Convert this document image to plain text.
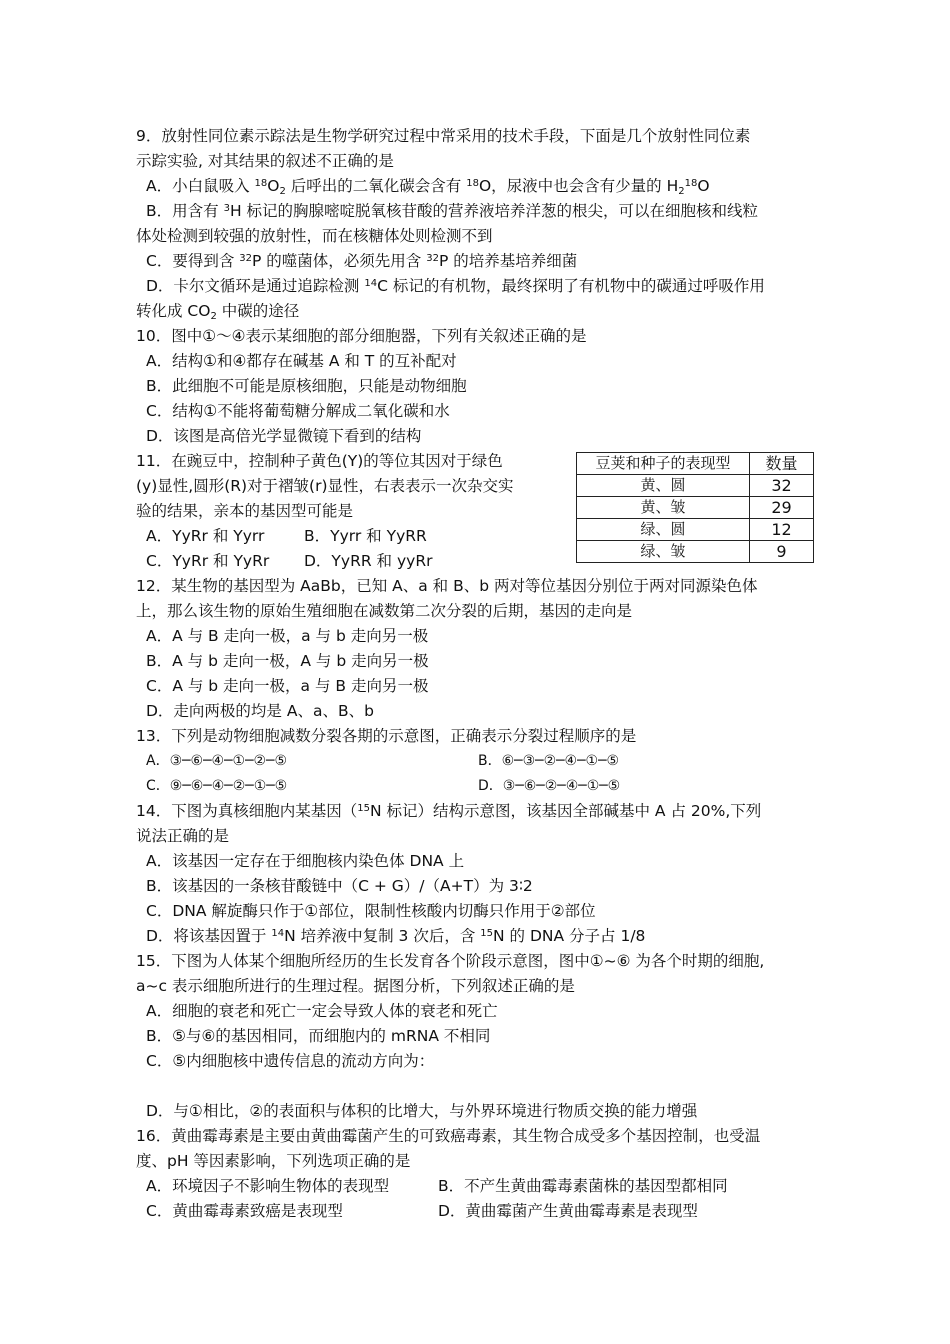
9．放射性同位素示踪法是生物学研究过程中常采用的技术手段，下面是几个放射性同位素
示踪实验, 对其结果的叙述不正确的是
A．小白鼠吸入 $^{18}O_2$ 后呼出的二氧化碳会含有 $^{18}$O，尿液中也会含有少量的 $H_2^{18}O$
B．用含有 $^3$H 标记的胸腺嘧啶脱氧核苷酸的营养液培养洋葱的根尖，可以在细胞核和线粒
体处检测到较强的放射性，而在核糖体处则检测不到
C．要得到含 $^{32}$P 的噬菌体，必须先用含 $^{32}$P 的培养基培养细菌
D．卡尔文循环是通过追踪检测 $^{14}$C 标记的有机物，最终探明了有机物中的碳通过呼吸作用
转化成 $CO_2$ 中碳的途径
10．图中①～④表示某细胞的部分细胞器，下列有关叙述正确的是
A．结构①和④都存在碱基 A 和 T 的互补配对
B．此细胞不可能是原核细胞，只能是动物细胞
C．结构①不能将葡萄糖分解成二氧化碳和水
D．该图是高倍光学显微镜下看到的结构
11．在豌豆中，控制种子黄色(Y)的等位其因对于绿色
(y)显性,圆形(R)对于褶皱(r)显性，右表表示一次杂交实
验的结果，亲本的基因型可能是
A．YyRr 和 Yyrr	B．Yyrr 和 YyRR
C．YyRr 和 YyRr D．YyRR 和 yyRr
豆荚和种子的表现型	数量
黄、圆	32
黄、皱	29
绿、圆	12
绿、皱	9
12．某生物的基因型为 AaBb，已知 A、a 和 B、b 两对等位基因分别位于两对同源染色体
上，那么该生物的原始生殖细胞在减数第二次分裂的后期，基因的走向是
A．A 与 B 走向一极，a 与 b 走向另一极
B．A 与 b 走向一极，A 与 b 走向另一极
C．A 与 b 走向一极，a 与 B 走向另一极
D．走向两极的均是 A、a、B、b
13．下列是动物细胞减数分裂各期的示意图，正确表示分裂过程顺序的是
A．③─⑥─④─①─②─⑤	B．⑥─③─②─④─①─⑤
C．⑨─⑥─④─②─①─⑤	D．③─⑥─②─④─①─⑤
14．下图为真核细胞内某基因（$^{15}$N 标记）结构示意图，该基因全部碱基中 A 占 20%,下列
说法正确的是
A．该基因一定存在于细胞核内染色体 DNA 上
B．该基因的一条核苷酸链中（C + G）/（A+T）为 3∶2
C．DNA 解旋酶只作于①部位，限制性核酸内切酶只作用于②部位
D．将该基因置于 $^{14}$N 培养液中复制 3 次后，含 $^{15}$N 的 DNA 分子占 1/8
15．下图为人体某个细胞所经历的生长发育各个阶段示意图，图中①~⑥ 为各个时期的细胞,
a~c 表示细胞所进行的生理过程。据图分析，下列叙述正确的是
A．细胞的衰老和死亡一定会导致人体的衰老和死亡
B．⑤与⑥的基因相同，而细胞内的 mRNA 不相同
C．⑤内细胞核中遗传信息的流动方向为：
D．与①相比，②的表面积与体积的比增大，与外界环境进行物质交换的能力增强
16．黄曲霉毒素是主要由黄曲霉菌产生的可致癌毒素，其生物合成受多个基因控制，也受温
度、pH 等因素影响，下列选项正确的是
A．环境因子不影响生物体的表现型	B．不产生黄曲霉毒素菌株的基因型都相同
C．黄曲霉毒素致癌是表现型	D．黄曲霉菌产生黄曲霉毒素是表现型
